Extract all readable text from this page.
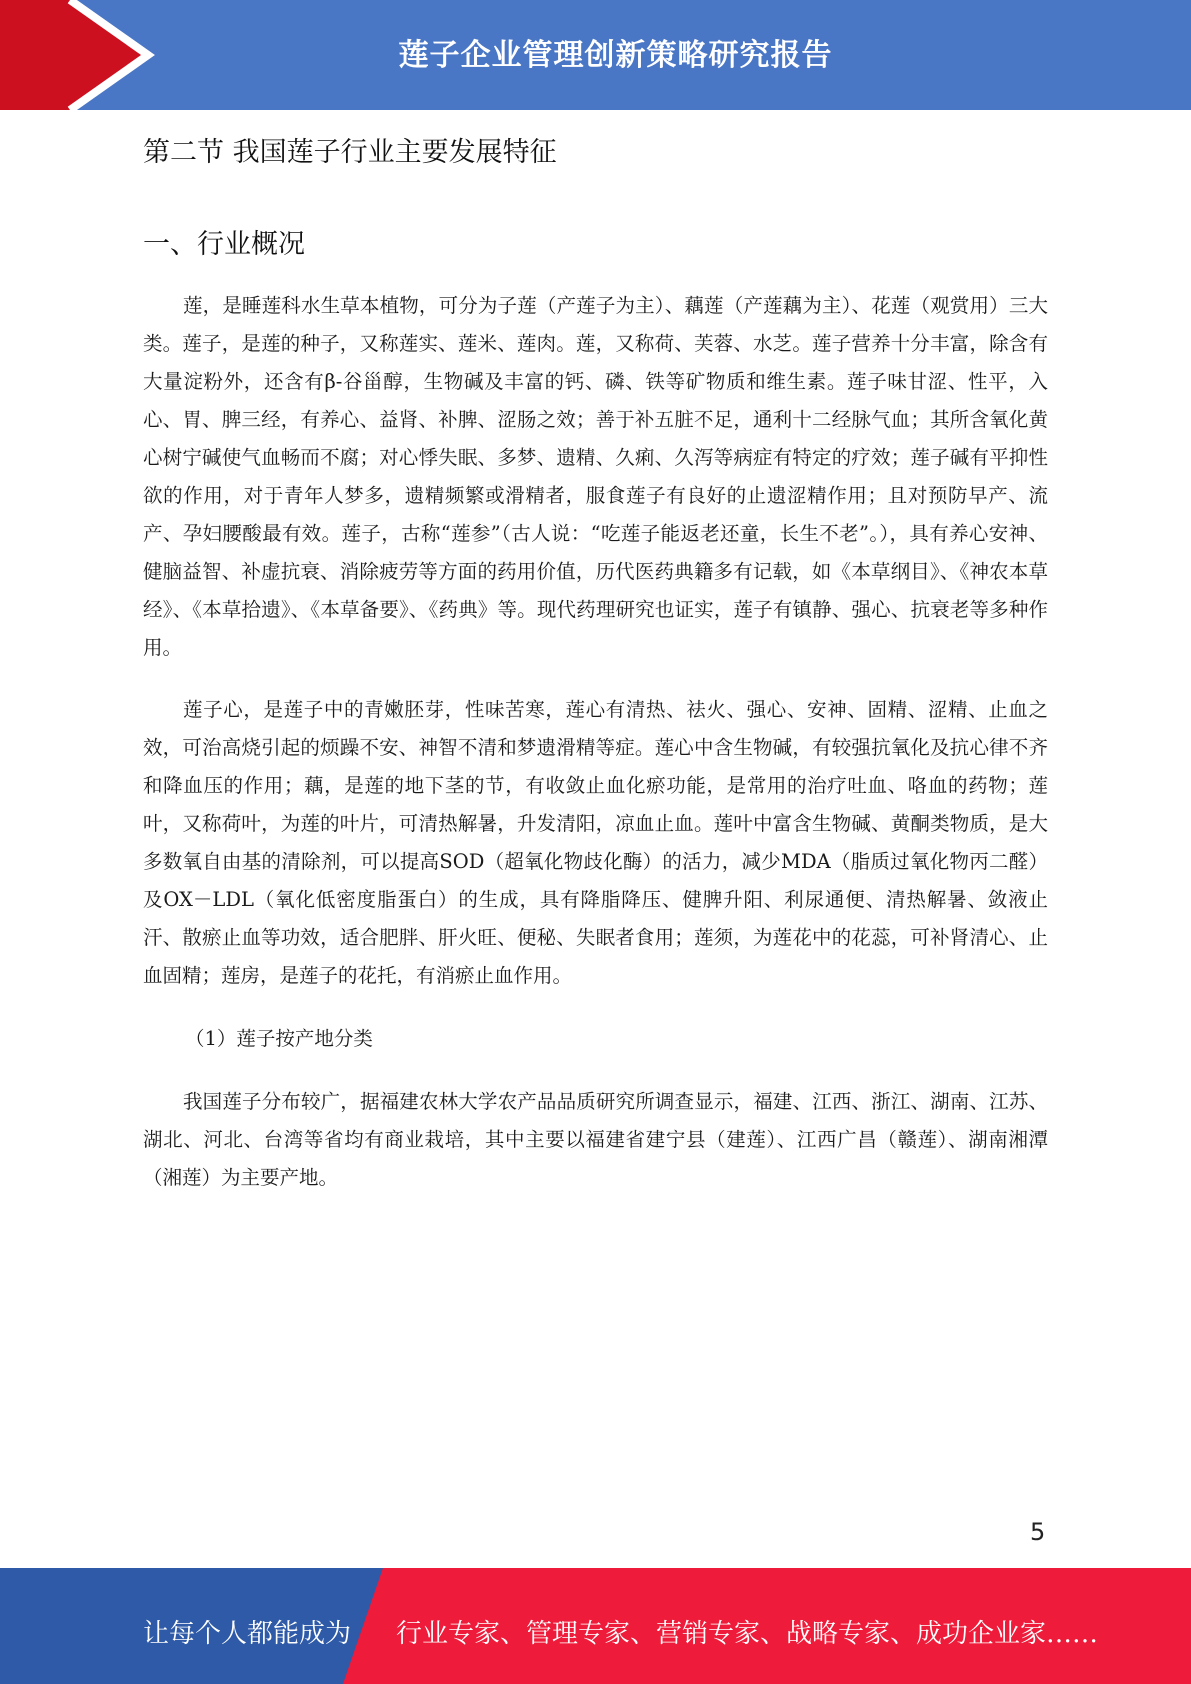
莲子企业管理创新策略研究报告
第二节 我国莲子行业主要发展特征
一、行业概况

莲，是睡莲科水生草本植物，可分为子莲（产莲子为主）、藕莲（产莲藕为主）、花莲（观赏用）三大类。莲子，是莲的种子，又称莲实、莲米、莲肉。莲，又称荷、芙蓉、水芝。莲子营养十分丰富，除含有大量淀粉外，还含有β-谷甾醇，生物碱及丰富的钙、磷、铁等矿物质和维生素。莲子味甘涩、性平，入心、胃、脾三经，有养心、益肾、补脾、涩肠之效；善于补五脏不足，通利十二经脉气血；其所含氧化黄心树宁碱使气血畅而不腐；对心悸失眠、多梦、遗精、久痢、久泻等病症有特定的疗效；莲子碱有平抑性欲的作用，对于青年人梦多，遗精频繁或滑精者，服食莲子有良好的止遗涩精作用；且对预防早产、流产、孕妇腰酸最有效。莲子，古称“莲参”（古人说：“吃莲子能返老还童，长生不老”。），具有养心安神、健脑益智、补虚抗衰、消除疲劳等方面的药用价值，历代医药典籍多有记载，如《本草纲目》、《神农本草经》、《本草拾遗》、《本草备要》、《药典》等。现代药理研究也证实，莲子有镇静、强心、抗衰老等多种作用。

莲子心，是莲子中的青嫩胚芽，性味苦寒，莲心有清热、祛火、强心、安神、固精、涩精、止血之效，可治高烧引起的烦躁不安、神智不清和梦遗滑精等症。莲心中含生物碱，有较强抗氧化及抗心律不齐和降血压的作用；藕，是莲的地下茎的节，有收敛止血化瘀功能，是常用的治疗吐血、咯血的药物；莲叶，又称荷叶，为莲的叶片，可清热解暑，升发清阳，凉血止血。莲叶中富含生物碱、黄酮类物质，是大多数氧自由基的清除剂，可以提高SOD（超氧化物歧化酶）的活力，减少MDA（脂质过氧化物丙二醛）及OX－LDL（氧化低密度脂蛋白）的生成，具有降脂降压、健脾升阳、利尿通便、清热解暑、敛液止汗、散瘀止血等功效，适合肥胖、肝火旺、便秘、失眠者食用；莲须，为莲花中的花蕊，可补肾清心、止血固精；莲房，是莲子的花托，有消瘀止血作用。

（1）莲子按产地分类

我国莲子分布较广，据福建农林大学农产品品质研究所调查显示，福建、江西、浙江、湖南、江苏、湖北、河北、台湾等省均有商业栽培，其中主要以福建省建宁县（建莲）、江西广昌（赣莲）、湖南湘潭（湘莲）为主要产地。

5
让每个人都能成为 行业专家、管理专家、营销专家、战略专家、成功企业家……
